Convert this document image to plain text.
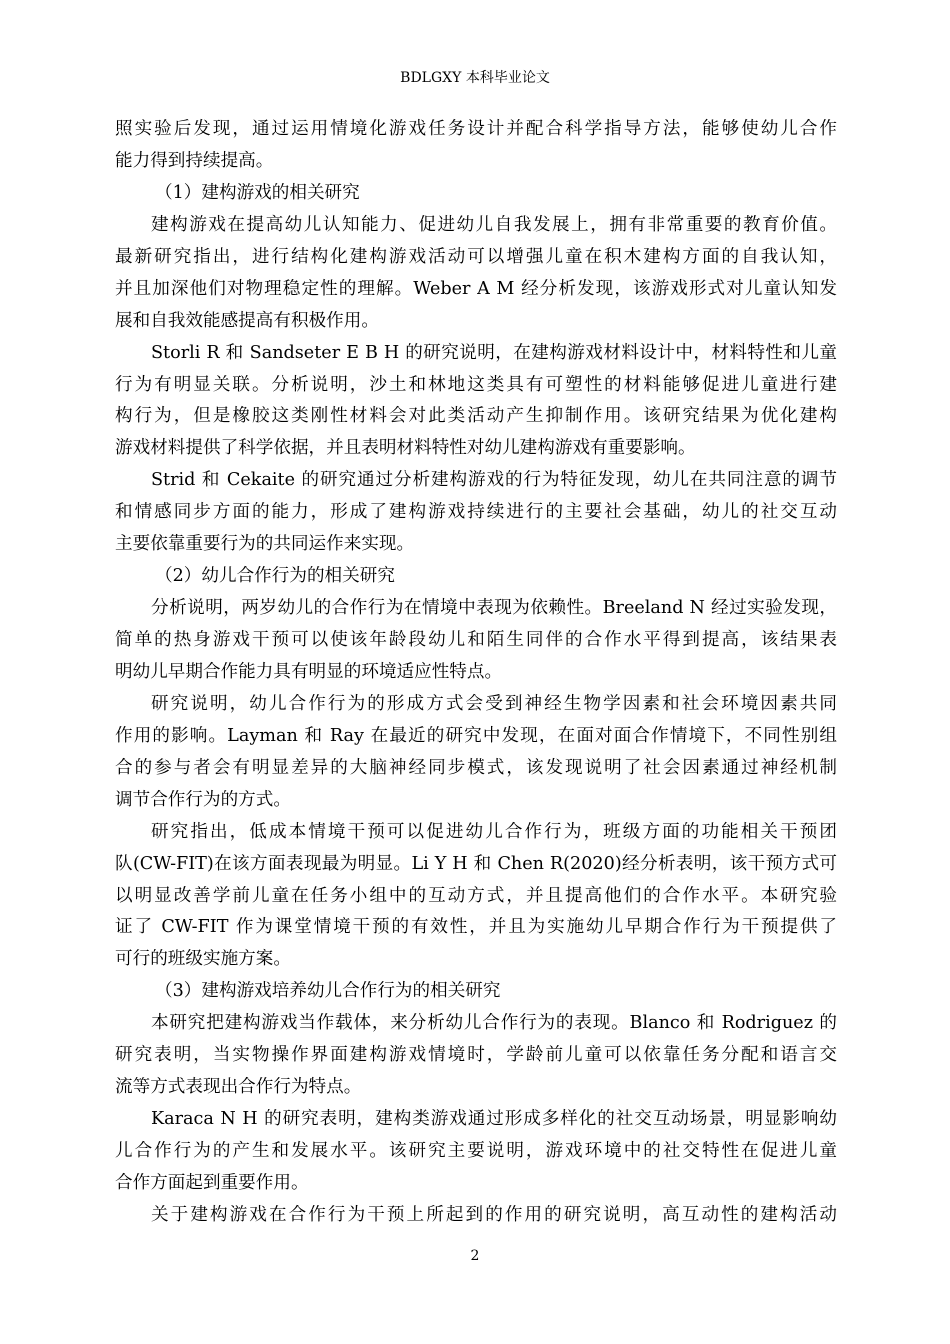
BDLGXY 本科毕业论文
照实验后发现，通过运用情境化游戏任务设计并配合科学指导方法，能够使幼儿合作
能力得到持续提高。
（1）建构游戏的相关研究
建构游戏在提高幼儿认知能力、促进幼儿自我发展上，拥有非常重要的教育价值。
最新研究指出，进行结构化建构游戏活动可以增强儿童在积木建构方面的自我认知，
并且加深他们对物理稳定性的理解。Weber A M 经分析发现，该游戏形式对儿童认知发
展和自我效能感提高有积极作用。
Storli R 和 Sandseter E B H 的研究说明，在建构游戏材料设计中，材料特性和儿童
行为有明显关联。分析说明，沙土和林地这类具有可塑性的材料能够促进儿童进行建
构行为，但是橡胶这类刚性材料会对此类活动产生抑制作用。该研究结果为优化建构
游戏材料提供了科学依据，并且表明材料特性对幼儿建构游戏有重要影响。
Strid 和 Cekaite 的研究通过分析建构游戏的行为特征发现，幼儿在共同注意的调节
和情感同步方面的能力，形成了建构游戏持续进行的主要社会基础，幼儿的社交互动
主要依靠重要行为的共同运作来实现。
（2）幼儿合作行为的相关研究
分析说明，两岁幼儿的合作行为在情境中表现为依赖性。Breeland N 经过实验发现，
简单的热身游戏干预可以使该年龄段幼儿和陌生同伴的合作水平得到提高，该结果表
明幼儿早期合作能力具有明显的环境适应性特点。
研究说明，幼儿合作行为的形成方式会受到神经生物学因素和社会环境因素共同
作用的影响。Layman 和 Ray 在最近的研究中发现，在面对面合作情境下，不同性别组
合的参与者会有明显差异的大脑神经同步模式，该发现说明了社会因素通过神经机制
调节合作行为的方式。
研究指出，低成本情境干预可以促进幼儿合作行为，班级方面的功能相关干预团
队(CW-FIT)在该方面表现最为明显。Li Y H 和 Chen R(2020)经分析表明，该干预方式可
以明显改善学前儿童在任务小组中的互动方式，并且提高他们的合作水平。本研究验
证了 CW-FIT 作为课堂情境干预的有效性，并且为实施幼儿早期合作行为干预提供了
可行的班级实施方案。
（3）建构游戏培养幼儿合作行为的相关研究
本研究把建构游戏当作载体，来分析幼儿合作行为的表现。Blanco 和 Rodriguez 的
研究表明，当实物操作界面建构游戏情境时，学龄前儿童可以依靠任务分配和语言交
流等方式表现出合作行为特点。
Karaca N H 的研究表明，建构类游戏通过形成多样化的社交互动场景，明显影响幼
儿合作行为的产生和发展水平。该研究主要说明，游戏环境中的社交特性在促进儿童
合作方面起到重要作用。
关于建构游戏在合作行为干预上所起到的作用的研究说明，高互动性的建构活动
2
